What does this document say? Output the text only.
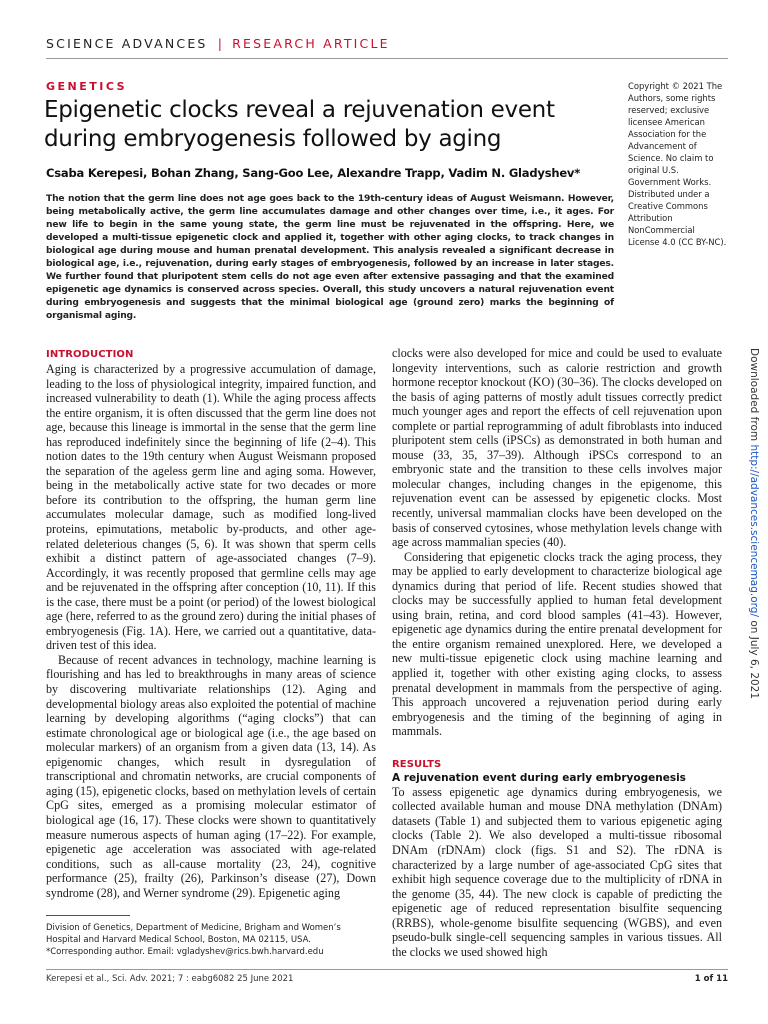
SCIENCE ADVANCES | RESEARCH ARTICLE
GENETICS
Epigenetic clocks reveal a rejuvenation event during embryogenesis followed by aging
Csaba Kerepesi, Bohan Zhang, Sang-Goo Lee, Alexandre Trapp, Vadim N. Gladyshev*

The notion that the germ line does not age goes back to the 19th-century ideas of August Weismann. However, being metabolically active, the germ line accumulates damage and other changes over time, i.e., it ages. For new life to begin in the same young state, the germ line must be rejuvenated in the offspring. Here, we developed a multi-tissue epigenetic clock and applied it, together with other aging clocks, to track changes in biological age during mouse and human prenatal development. This analysis revealed a significant decrease in biological age, i.e., rejuvenation, during early stages of embryogenesis, followed by an increase in later stages. We further found that pluripotent stem cells do not age even after extensive passaging and that the examined epigenetic age dynamics is conserved across species. Overall, this study uncovers a natural rejuvenation event during embryogenesis and suggests that the minimal biological age (ground zero) marks the beginning of organismal aging.

Copyright © 2021 The Authors, some rights reserved; exclusive licensee American Association for the Advancement of Science. No claim to original U.S. Government Works. Distributed under a Creative Commons Attribution NonCommercial License 4.0 (CC BY-NC).
INTRODUCTION

Aging is characterized by a progressive accumulation of damage, leading to the loss of physiological integrity, impaired function, and increased vulnerability to death (1). While the aging process affects the entire organism, it is often discussed that the germ line does not age, because this lineage is immortal in the sense that the germ line has reproduced indefinitely since the beginning of life (2–4). This notion dates to the 19th century when August Weismann proposed the separation of the ageless germ line and aging soma. However, being in the metabolically active state for two decades or more before its contribution to the offspring, the human germ line accumulates molecular damage, such as modified long-lived proteins, epimutations, metabolic by-products, and other age-related deleterious changes (5, 6). It was shown that sperm cells exhibit a distinct pattern of age-associated changes (7–9). Accordingly, it was recently proposed that germline cells may age and be rejuvenated in the offspring after conception (10, 11). If this is the case, there must be a point (or period) of the lowest biological age (here, referred to as the ground zero) during the initial phases of embryogenesis (Fig. 1A). Here, we carried out a quantitative, data-driven test of this idea.

Because of recent advances in technology, machine learning is flourishing and has led to breakthroughs in many areas of science by discovering multivariate relationships (12). Aging and developmental biology areas also exploited the potential of machine learning by developing algorithms (“aging clocks”) that can estimate chronological age or biological age (i.e., the age based on molecular markers) of an organism from a given data (13, 14). As epigenomic changes, which result in dysregulation of transcriptional and chromatin networks, are crucial components of aging (15), epigenetic clocks, based on methylation levels of certain CpG sites, emerged as a promising molecular estimator of biological age (16, 17). These clocks were shown to quantitatively measure numerous aspects of human aging (17–22). For example, epigenetic age acceleration was associated with age-related conditions, such as all-cause mortality (23, 24), cognitive performance (25), frailty (26), Parkinson’s disease (27), Down syndrome (28), and Werner syndrome (29). Epigenetic aging

clocks were also developed for mice and could be used to evaluate longevity interventions, such as calorie restriction and growth hormone receptor knockout (KO) (30–36). The clocks developed on the basis of aging patterns of mostly adult tissues correctly predict much younger ages and report the effects of cell rejuvenation upon complete or partial reprogramming of adult fibroblasts into induced pluripotent stem cells (iPSCs) as demonstrated in both human and mouse (33, 35, 37–39). Although iPSCs correspond to an embryonic state and the transition to these cells involves major molecular changes, including changes in the epigenome, this rejuvenation event can be assessed by epigenetic clocks. Most recently, universal mammalian clocks have been developed on the basis of conserved cytosines, whose methylation levels change with age across mammalian species (40).

Considering that epigenetic clocks track the aging process, they may be applied to early development to characterize biological age dynamics during that period of life. Recent studies showed that clocks may be successfully applied to human fetal development using brain, retina, and cord blood samples (41–43). However, epigenetic age dynamics during the entire prenatal development for the entire organism remained unexplored. Here, we developed a new multi-tissue epigenetic clock using machine learning and applied it, together with other existing aging clocks, to assess prenatal development in mammals from the perspective of aging. This approach uncovered a rejuvenation period during early embryogenesis and the timing of the beginning of aging in mammals.

RESULTS
A rejuvenation event during early embryogenesis

To assess epigenetic age dynamics during embryogenesis, we collected available human and mouse DNA methylation (DNAm) datasets (Table 1) and subjected them to various epigenetic aging clocks (Table 2). We also developed a multi-tissue ribosomal DNAm (rDNAm) clock (figs. S1 and S2). The rDNA is characterized by a large number of age-associated CpG sites that exhibit high sequence coverage due to the multiplicity of rDNA in the genome (35, 44). The new clock is capable of predicting the epigenetic age of reduced representation bisulfite sequencing (RRBS), whole-genome bisulfite sequencing (WGBS), and even pseudo-bulk single-cell sequencing samples in various tissues. All the clocks we used showed high

Division of Genetics, Department of Medicine, Brigham and Women’s Hospital and Harvard Medical School, Boston, MA 02115, USA.

*Corresponding author. Email: vgladyshev@rics.bwh.harvard.edu

Kerepesi et al., Sci. Adv. 2021; 7 : eabg6082 25 June 2021	1 of 11
Downloaded from http://advances.sciencemag.org/ on July 6, 2021
